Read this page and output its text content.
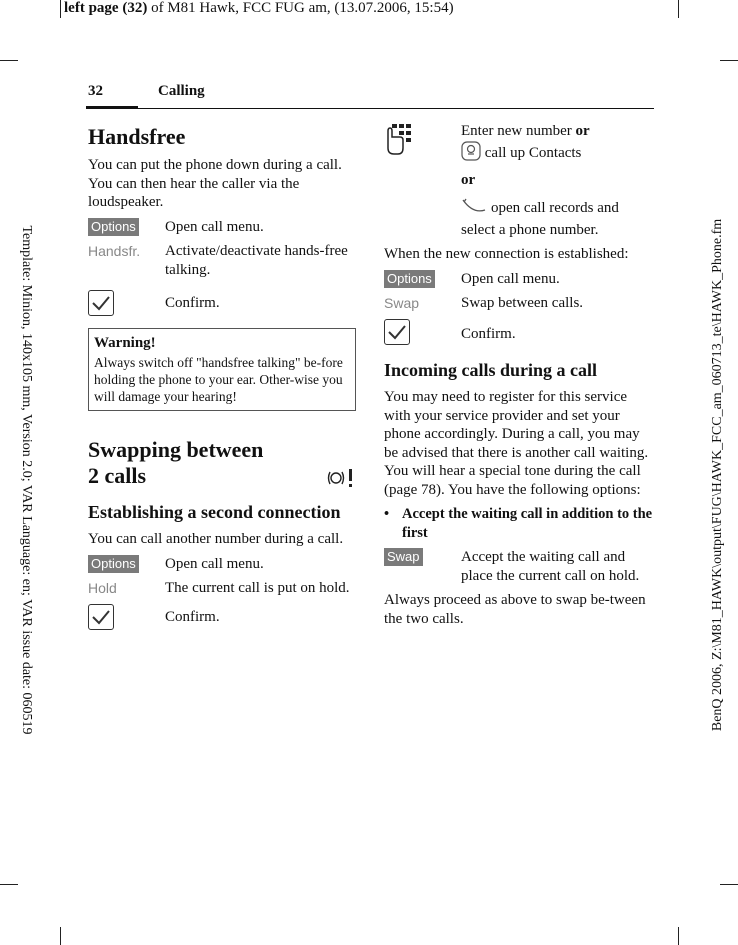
left page (32) of M81 Hawk, FCC FUG am, (13.07.2006, 15:54)
Template: Minion, 140x105 mm, Version 2.0; VAR Language: en; VAR issue date: 060519	BenQ 2006, Z:\M81_HAWK\output\FUG\HAWK_FCC_am_060713_te\HAWK_Phone.fm
32	Calling
Handsfree

You can put the phone down during a call. You can then hear the caller via the loudspeaker.

Options	Open call menu.
Handsfr.	Activate/deactivate hands-free talking.
Confirm.

Warning!

Always switch off "handsfree talking" be-fore holding the phone to your ear. Other-wise you will damage your hearing!

Swapping between
2 calls
Establishing a second connection

You can call another number during a call.

Options	Open call menu.
Hold	The current call is put on hold.
Confirm.
Enter new number or
call up Contacts
or
open call records and select a phone number.

When the new connection is established:

Options	Open call menu.
Swap	Swap between calls.
Confirm.
Incoming calls during a call

You may need to register for this service with your service provider and set your phone accordingly. During a call, you may be advised that there is another call waiting. You will hear a special tone during the call (page 78). You have the following options:

• Accept the waiting call in addition to the first
Swap	Accept the waiting call and place the current call on hold.

Always proceed as above to swap be-tween the two calls.
